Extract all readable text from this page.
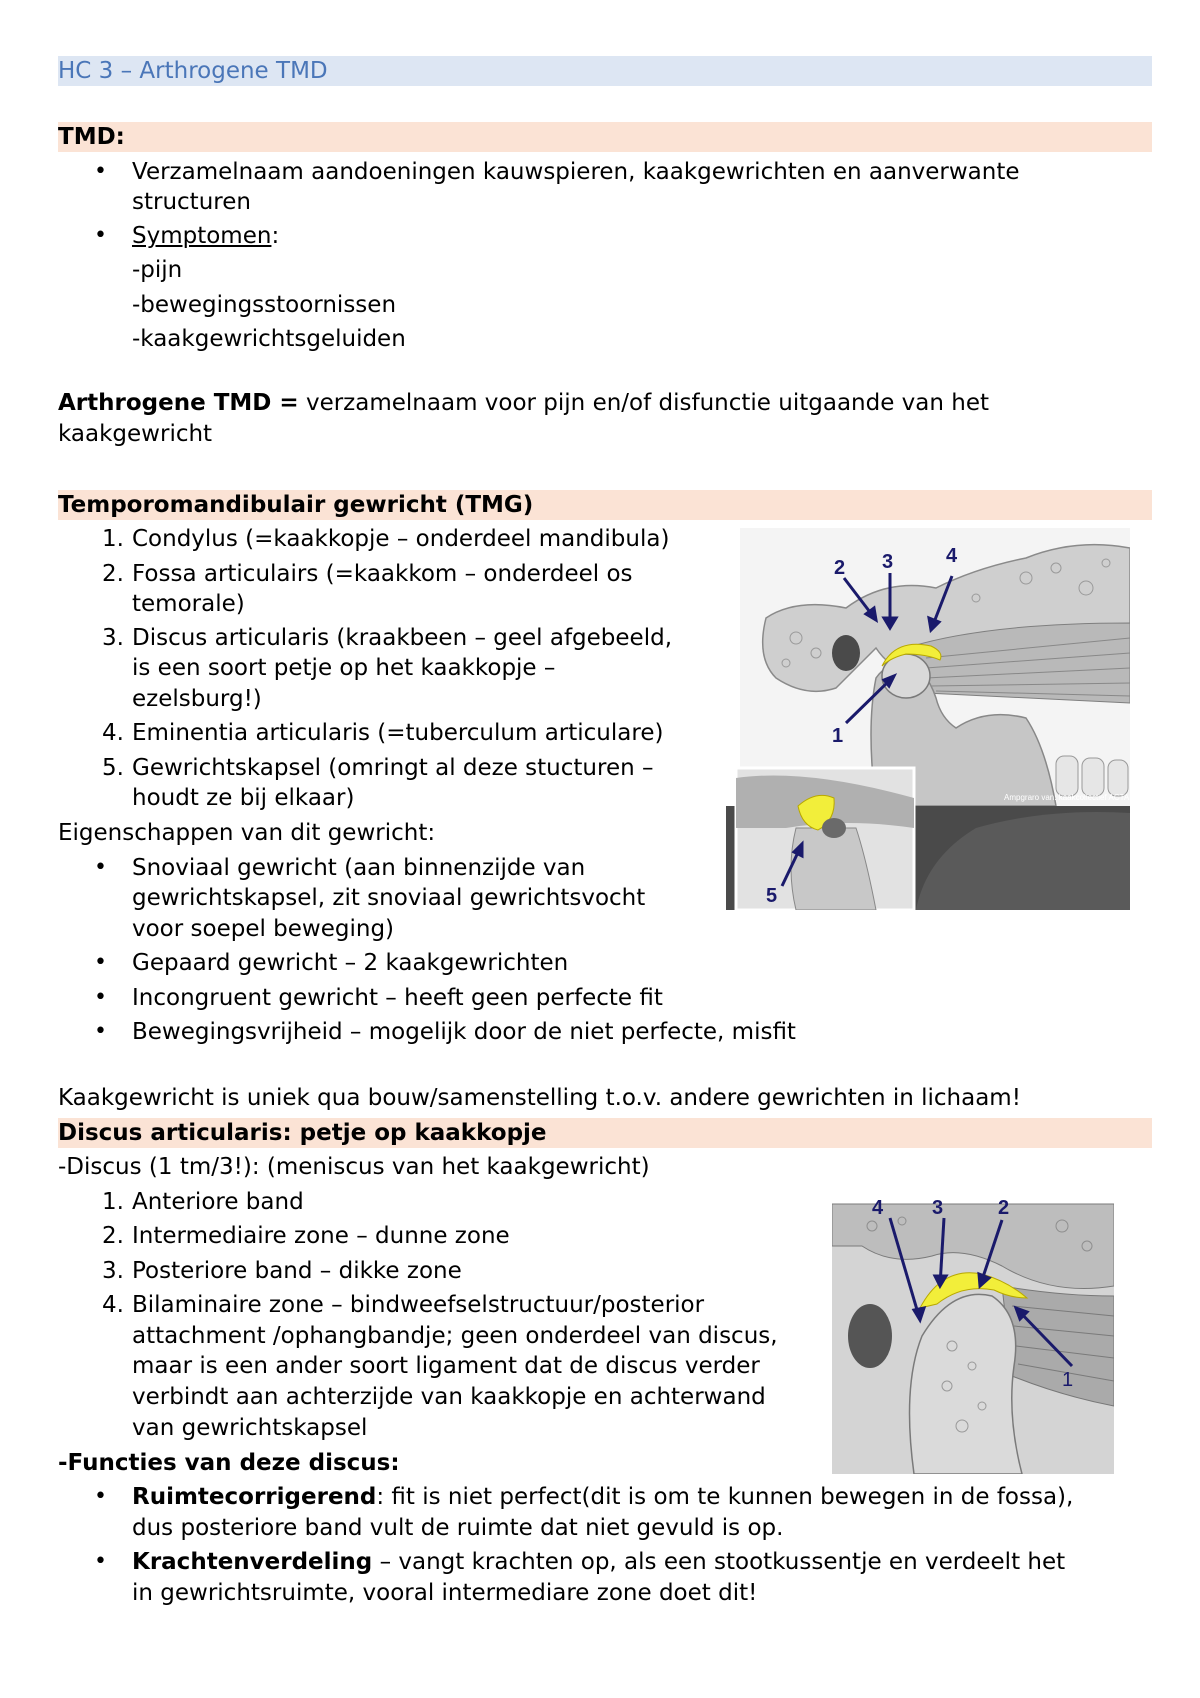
HC 3 – Arthrogene TMD
TMD:
• Verzamelnaam aandoeningen kauwspieren, kaakgewrichten en aanverwante
structuren
• Symptomen:
-pijn
-bewegingsstoornissen
-kaakgewrichtsgeluiden
Arthrogene TMD = verzamelnaam voor pijn en/of disfunctie uitgaande van het
kaakgewricht
Temporomandibulair gewricht (TMG)
1. Condylus (=kaakkopje – onderdeel mandibula)
2. Fossa articulairs (=kaakkom – onderdeel os
temorale)
3. Discus articularis (kraakbeen – geel afgebeeld,
is een soort petje op het kaakkopje –
ezelsburg!)
4. Eminentia articularis (=tuberculum articulare)
5. Gewrichtskapsel (omringt al deze stucturen –
houdt ze bij elkaar)
Eigenschappen van dit gewricht:
• Snoviaal gewricht (aan binnenzijde van
gewrichtskapsel, zit snoviaal gewrichtsvocht
voor soepel beweging)
• Gepaard gewricht – 2 kaakgewrichten
• Incongruent gewricht – heeft geen perfecte fit
• Bewegingsvrijheid – mogelijk door de niet perfecte, misfit
Kaakgewricht is uniek qua bouw/samenstelling t.o.v. andere gewrichten in lichaam!
2 3	4
1
Ampgraro van: kaakcollectief ACTA
5
Discus articularis: petje op kaakkopje
-Discus (1 tm/3!): (meniscus van het kaakgewricht)
1. Anteriore band
2. Intermediaire zone – dunne zone
3. Posteriore band – dikke zone
4. Bilaminaire zone – bindweefselstructuur/posterior
attachment /ophangbandje; geen onderdeel van discus,
maar is een ander soort ligament dat de discus verder
verbindt aan achterzijde van kaakkopje en achterwand
van gewrichtskapsel
-Functies van deze discus:
• Ruimtecorrigerend: fit is niet perfect(dit is om te kunnen bewegen in de fossa),
dus posteriore band vult de ruimte dat niet gevuld is op.
• Krachtenverdeling – vangt krachten op, als een stootkussentje en verdeelt het
in gewrichtsruimte, vooral intermediare zone doet dit!
4 3	2
1
